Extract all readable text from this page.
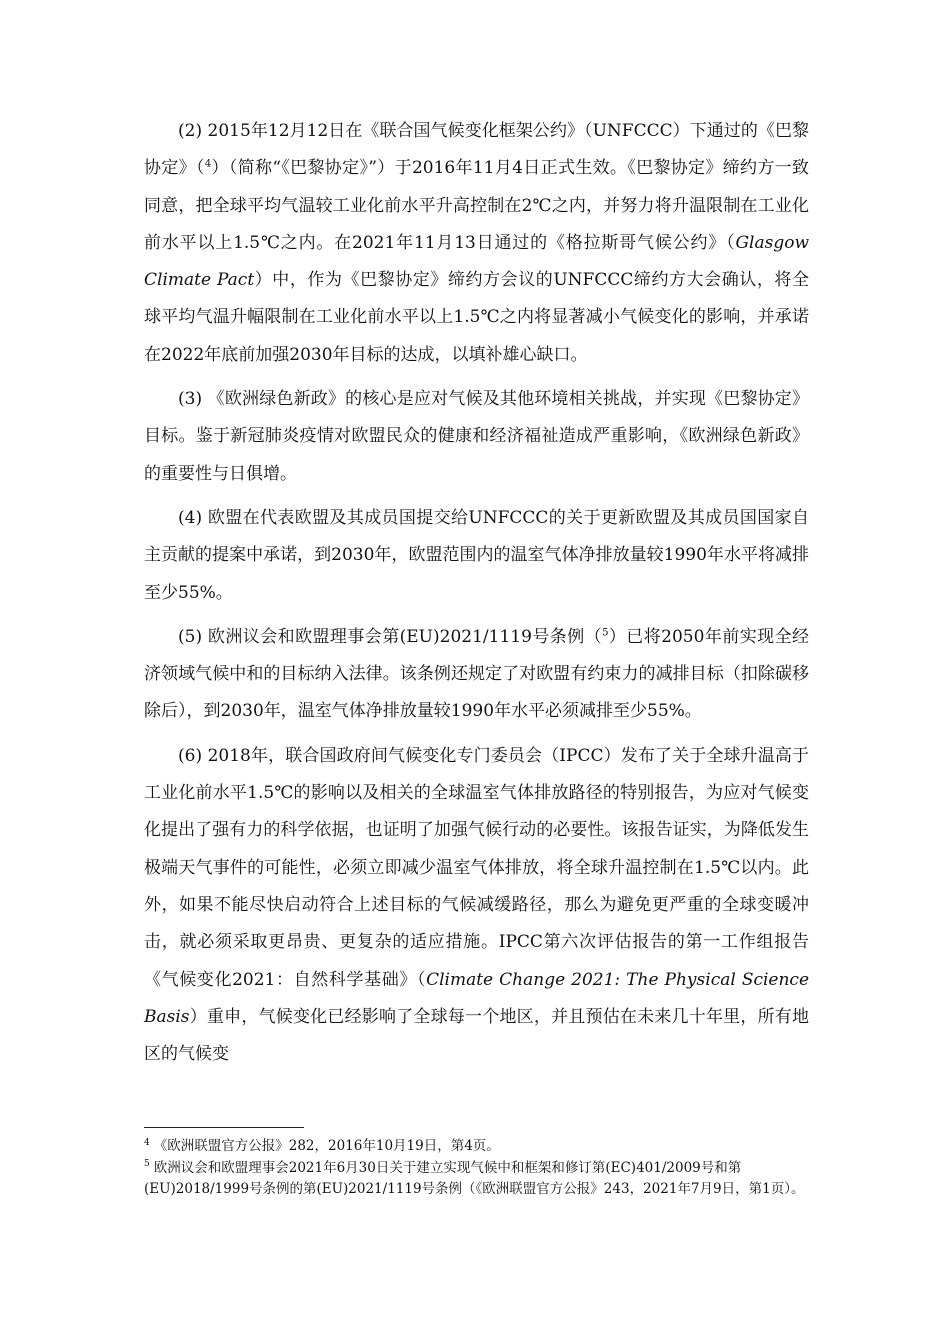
(2) 2015年12月12日在《联合国气候变化框架公约》（UNFCCC）下通过的《巴黎协定》（$^4$）（简称“《巴黎协定》”）于2016年11月4日正式生效。《巴黎协定》缔约方一致同意，把全球平均气温较工业化前水平升高控制在2℃之内，并努力将升温限制在工业化前水平以上1.5℃之内。在2021年11月13日通过的《格拉斯哥气候公约》（Glasgow Climate Pact）中，作为《巴黎协定》缔约方会议的UNFCCC缔约方大会确认，将全球平均气温升幅限制在工业化前水平以上1.5℃之内将显著减小气候变化的影响，并承诺在2022年底前加强2030年目标的达成，以填补雄心缺口。

(3) 《欧洲绿色新政》的核心是应对气候及其他环境相关挑战，并实现《巴黎协定》目标。鉴于新冠肺炎疫情对欧盟民众的健康和经济福祉造成严重影响，《欧洲绿色新政》的重要性与日俱增。

(4) 欧盟在代表欧盟及其成员国提交给UNFCCC的关于更新欧盟及其成员国国家自主贡献的提案中承诺，到2030年，欧盟范围内的温室气体净排放量较1990年水平将减排至少55%。

(5) 欧洲议会和欧盟理事会第(EU)2021/1119号条例（$^5$）已将2050年前实现全经济领域气候中和的目标纳入法律。该条例还规定了对欧盟有约束力的减排目标（扣除碳移除后），到2030年，温室气体净排放量较1990年水平必须减排至少55%。

(6) 2018年，联合国政府间气候变化专门委员会（IPCC）发布了关于全球升温高于工业化前水平1.5℃的影响以及相关的全球温室气体排放路径的特别报告，为应对气候变化提出了强有力的科学依据，也证明了加强气候行动的必要性。该报告证实，为降低发生极端天气事件的可能性，必须立即减少温室气体排放，将全球升温控制在1.5℃以内。此外，如果不能尽快启动符合上述目标的气候减缓路径，那么为避免更严重的全球变暖冲击，就必须采取更昂贵、更复杂的适应措施。IPCC第六次评估报告的第一工作组报告《气候变化2021：自然科学基础》（Climate Change 2021: The Physical Science Basis）重申，气候变化已经影响了全球每一个地区，并且预估在未来几十年里，所有地区的气候变

$^4$ 《欧洲联盟官方公报》282，2016年10月19日，第4页。

$^5$ 欧洲议会和欧盟理事会2021年6月30日关于建立实现气候中和框架和修订第(EC)401/2009号和第(EU)2018/1999号条例的第(EU)2021/1119号条例（《欧洲联盟官方公报》243，2021年7月9日，第1页）。
